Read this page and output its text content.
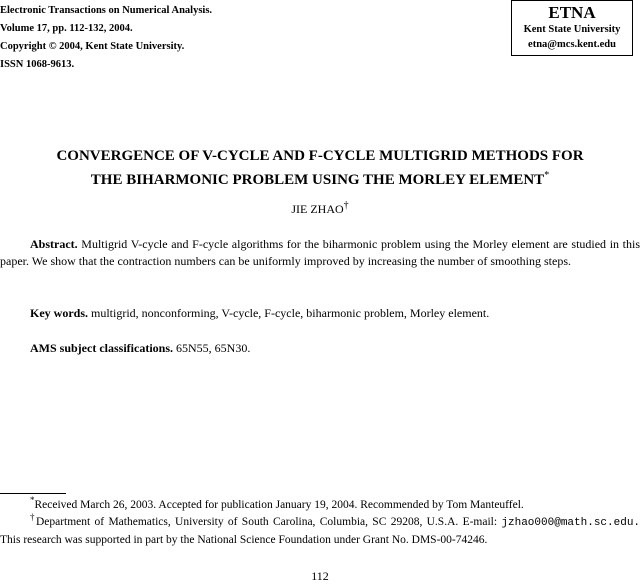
Electronic Transactions on Numerical Analysis.
Volume 17, pp. 112-132, 2004.
Copyright © 2004, Kent State University.
ISSN 1068-9613.
ETNA
Kent State University
etna@mcs.kent.edu
CONVERGENCE OF V-CYCLE AND F-CYCLE MULTIGRID METHODS FOR
THE BIHARMONIC PROBLEM USING THE MORLEY ELEMENT*
JIE ZHAO†
Abstract. Multigrid V-cycle and F-cycle algorithms for the biharmonic problem using the Morley element are studied in this paper. We show that the contraction numbers can be uniformly improved by increasing the number of smoothing steps.
Key words. multigrid, nonconforming, V-cycle, F-cycle, biharmonic problem, Morley element.
AMS subject classifications. 65N55, 65N30.
*Received March 26, 2003. Accepted for publication January 19, 2004. Recommended by Tom Manteuffel.
†Department of Mathematics, University of South Carolina, Columbia, SC 29208, U.S.A. E-mail: jzhao000@math.sc.edu. This research was supported in part by the National Science Foundation under Grant No. DMS-00-74246.
112
